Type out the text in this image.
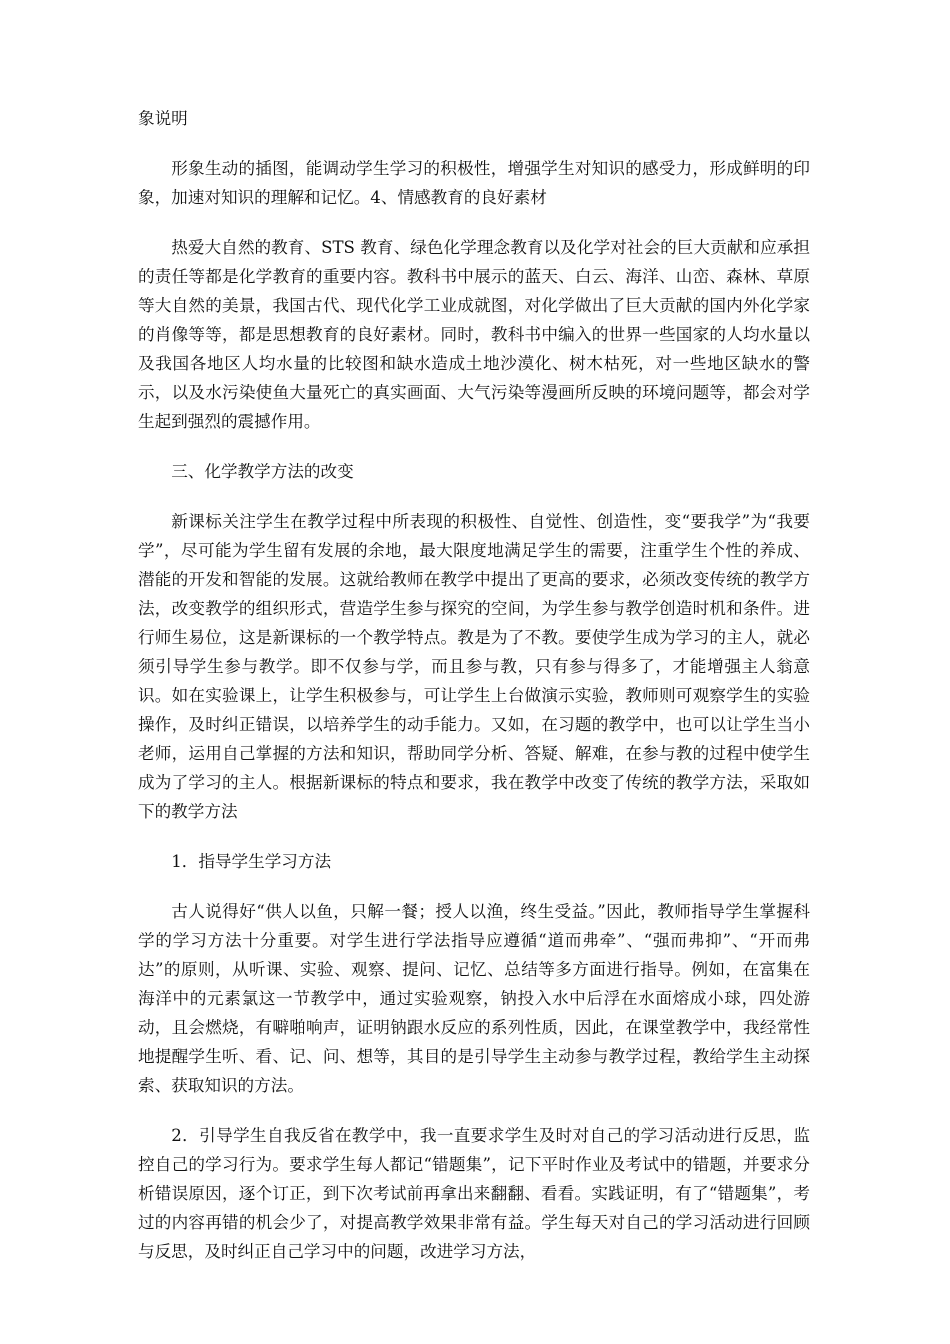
象说明

形象生动的插图，能调动学生学习的积极性，增强学生对知识的感受力，形成鲜明的印象，加速对知识的理解和记忆。4、情感教育的良好素材

热爱大自然的教育、STS 教育、绿色化学理念教育以及化学对社会的巨大贡献和应承担的责任等都是化学教育的重要内容。教科书中展示的蓝天、白云、海洋、山峦、森林、草原等大自然的美景，我国古代、现代化学工业成就图，对化学做出了巨大贡献的国内外化学家的肖像等等，都是思想教育的良好素材。同时，教科书中编入的世界一些国家的人均水量以及我国各地区人均水量的比较图和缺水造成土地沙漠化、树木枯死，对一些地区缺水的警示，以及水污染使鱼大量死亡的真实画面、大气污染等漫画所反映的环境问题等，都会对学生起到强烈的震撼作用。

三、化学教学方法的改变

新课标关注学生在教学过程中所表现的积极性、自觉性、创造性，变“要我学”为“我要学”，尽可能为学生留有发展的余地，最大限度地满足学生的需要，注重学生个性的养成、潜能的开发和智能的发展。这就给教师在教学中提出了更高的要求，必须改变传统的教学方法，改变教学的组织形式，营造学生参与探究的空间，为学生参与教学创造时机和条件。进行师生易位，这是新课标的一个教学特点。教是为了不教。要使学生成为学习的主人，就必须引导学生参与教学。即不仅参与学，而且参与教，只有参与得多了，才能增强主人翁意识。如在实验课上，让学生积极参与，可让学生上台做演示实验，教师则可观察学生的实验操作，及时纠正错误，以培养学生的动手能力。又如，在习题的教学中，也可以让学生当小老师，运用自己掌握的方法和知识，帮助同学分析、答疑、解难，在参与教的过程中使学生成为了学习的主人。根据新课标的特点和要求，我在教学中改变了传统的教学方法，采取如下的教学方法

1．指导学生学习方法

古人说得好“供人以鱼，只解一餐；授人以渔，终生受益。”因此，教师指导学生掌握科学的学习方法十分重要。对学生进行学法指导应遵循“道而弗牵”、“强而弗抑”、“开而弗达”的原则，从听课、实验、观察、提问、记忆、总结等多方面进行指导。例如，在富集在海洋中的元素氯这一节教学中，通过实验观察，钠投入水中后浮在水面熔成小球，四处游动，且会燃烧，有噼啪响声，证明钠跟水反应的系列性质，因此，在课堂教学中，我经常性地提醒学生听、看、记、问、想等，其目的是引导学生主动参与教学过程，教给学生主动探索、获取知识的方法。

2．引导学生自我反省在教学中，我一直要求学生及时对自己的学习活动进行反思，监控自己的学习行为。要求学生每人都记“错题集”，记下平时作业及考试中的错题，并要求分析错误原因，逐个订正，到下次考试前再拿出来翻翻、看看。实践证明，有了“错题集”，考过的内容再错的机会少了，对提高教学效果非常有益。学生每天对自己的学习活动进行回顾与反思，及时纠正自己学习中的问题，改进学习方法，
